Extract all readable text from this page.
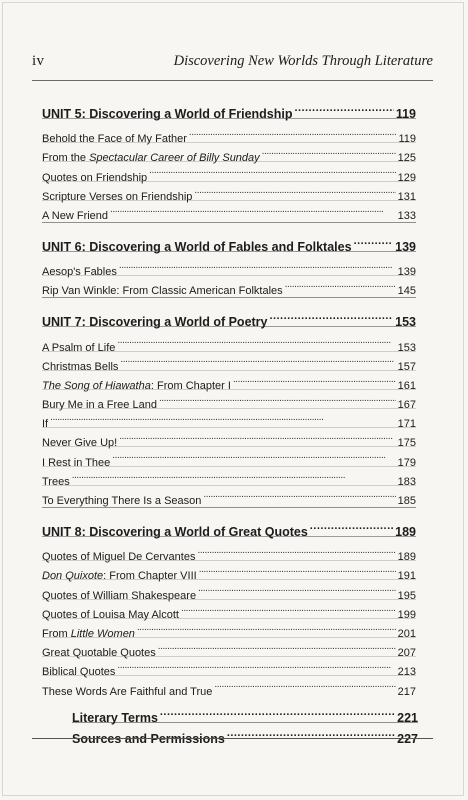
iv	Discovering New Worlds Through Literature
UNIT 5: Discovering a World of Friendship . . .	119
Behold the Face of My Father . . .	119
From the Spectacular Career of Billy Sunday . . .	125
Quotes on Friendship . . .	129
Scripture Verses on Friendship . . .	131
A New Friend . . .	133
UNIT 6: Discovering a World of Fables and Folktales . . .	139
Aesop's Fables . . .	139
Rip Van Winkle: From Classic American Folktales . . .	145
UNIT 7: Discovering a World of Poetry . . .	153
A Psalm of Life . . .	153
Christmas Bells . . .	157
The Song of Hiawatha: From Chapter I . . .	161
Bury Me in a Free Land . . .	167
If . . .	171
Never Give Up! . . .	175
I Rest in Thee . . .	179
Trees . . .	183
To Everything There Is a Season . . .	185
UNIT 8: Discovering a World of Great Quotes . . .	189
Quotes of Miguel De Cervantes . . .	189
Don Quixote: From Chapter VIII . . .	191
Quotes of William Shakespeare . . .	195
Quotes of Louisa May Alcott . . .	199
From Little Women . . .	201
Great Quotable Quotes . . .	207
Biblical Quotes . . .	213
These Words Are Faithful and True . . .	217
Literary Terms . . .	221
Sources and Permissions . . .	227
